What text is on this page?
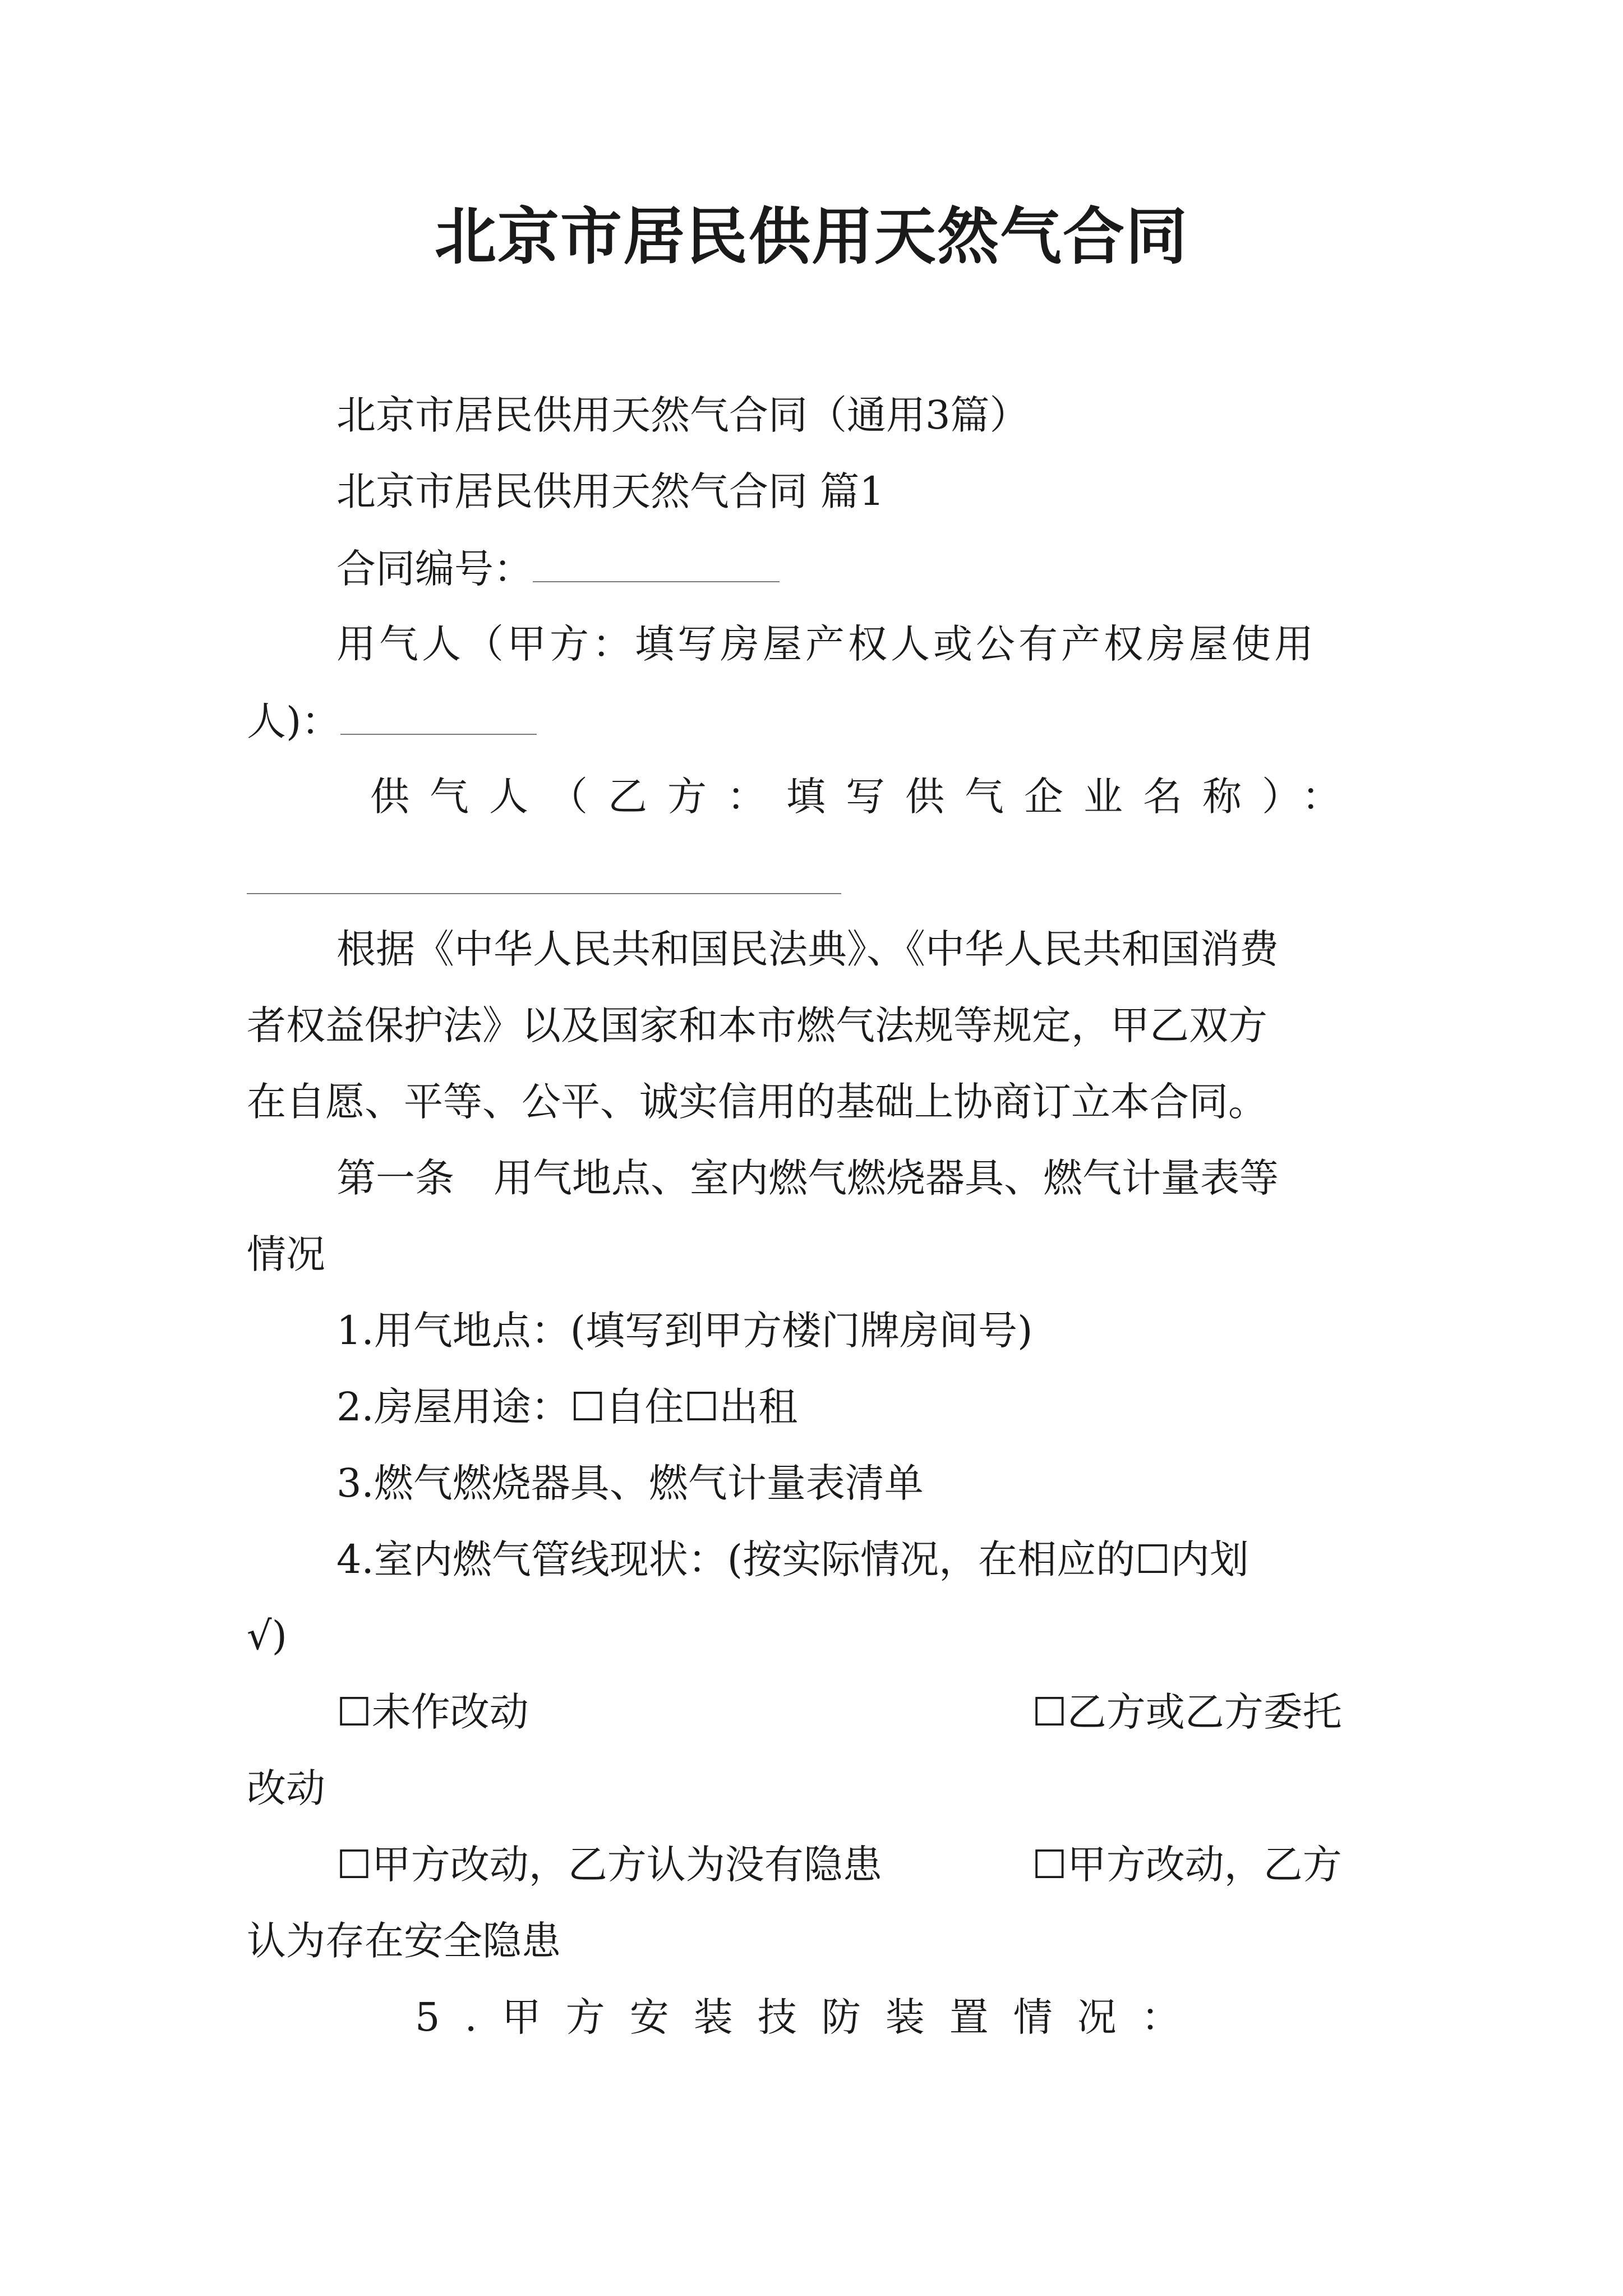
北京市居民供用天然气合同
北京市居民供用天然气合同（通用3篇）
北京市居民供用天然气合同 篇1
合同编号：
用气人（甲方：填写房屋产权人或公有产权房屋使用
人)：
供气人（乙方：填写供气企业名称）：
根据《中华人民共和国民法典》、《中华人民共和国消费
者权益保护法》以及国家和本市燃气法规等规定，甲乙双方
在自愿、平等、公平、诚实信用的基础上协商订立本合同。
第一条　用气地点、室内燃气燃烧器具、燃气计量表等
情况
1.用气地点：(填写到甲方楼门牌房间号)
2.房屋用途：☐自住☐出租
3.燃气燃烧器具、燃气计量表清单
4.室内燃气管线现状：(按实际情况，在相应的☐内划
√)
☐未作改动	☐乙方或乙方委托
改动
☐甲方改动，乙方认为没有隐患	☐甲方改动，乙方
认为存在安全隐患
5.甲方安装技防装置情况：
